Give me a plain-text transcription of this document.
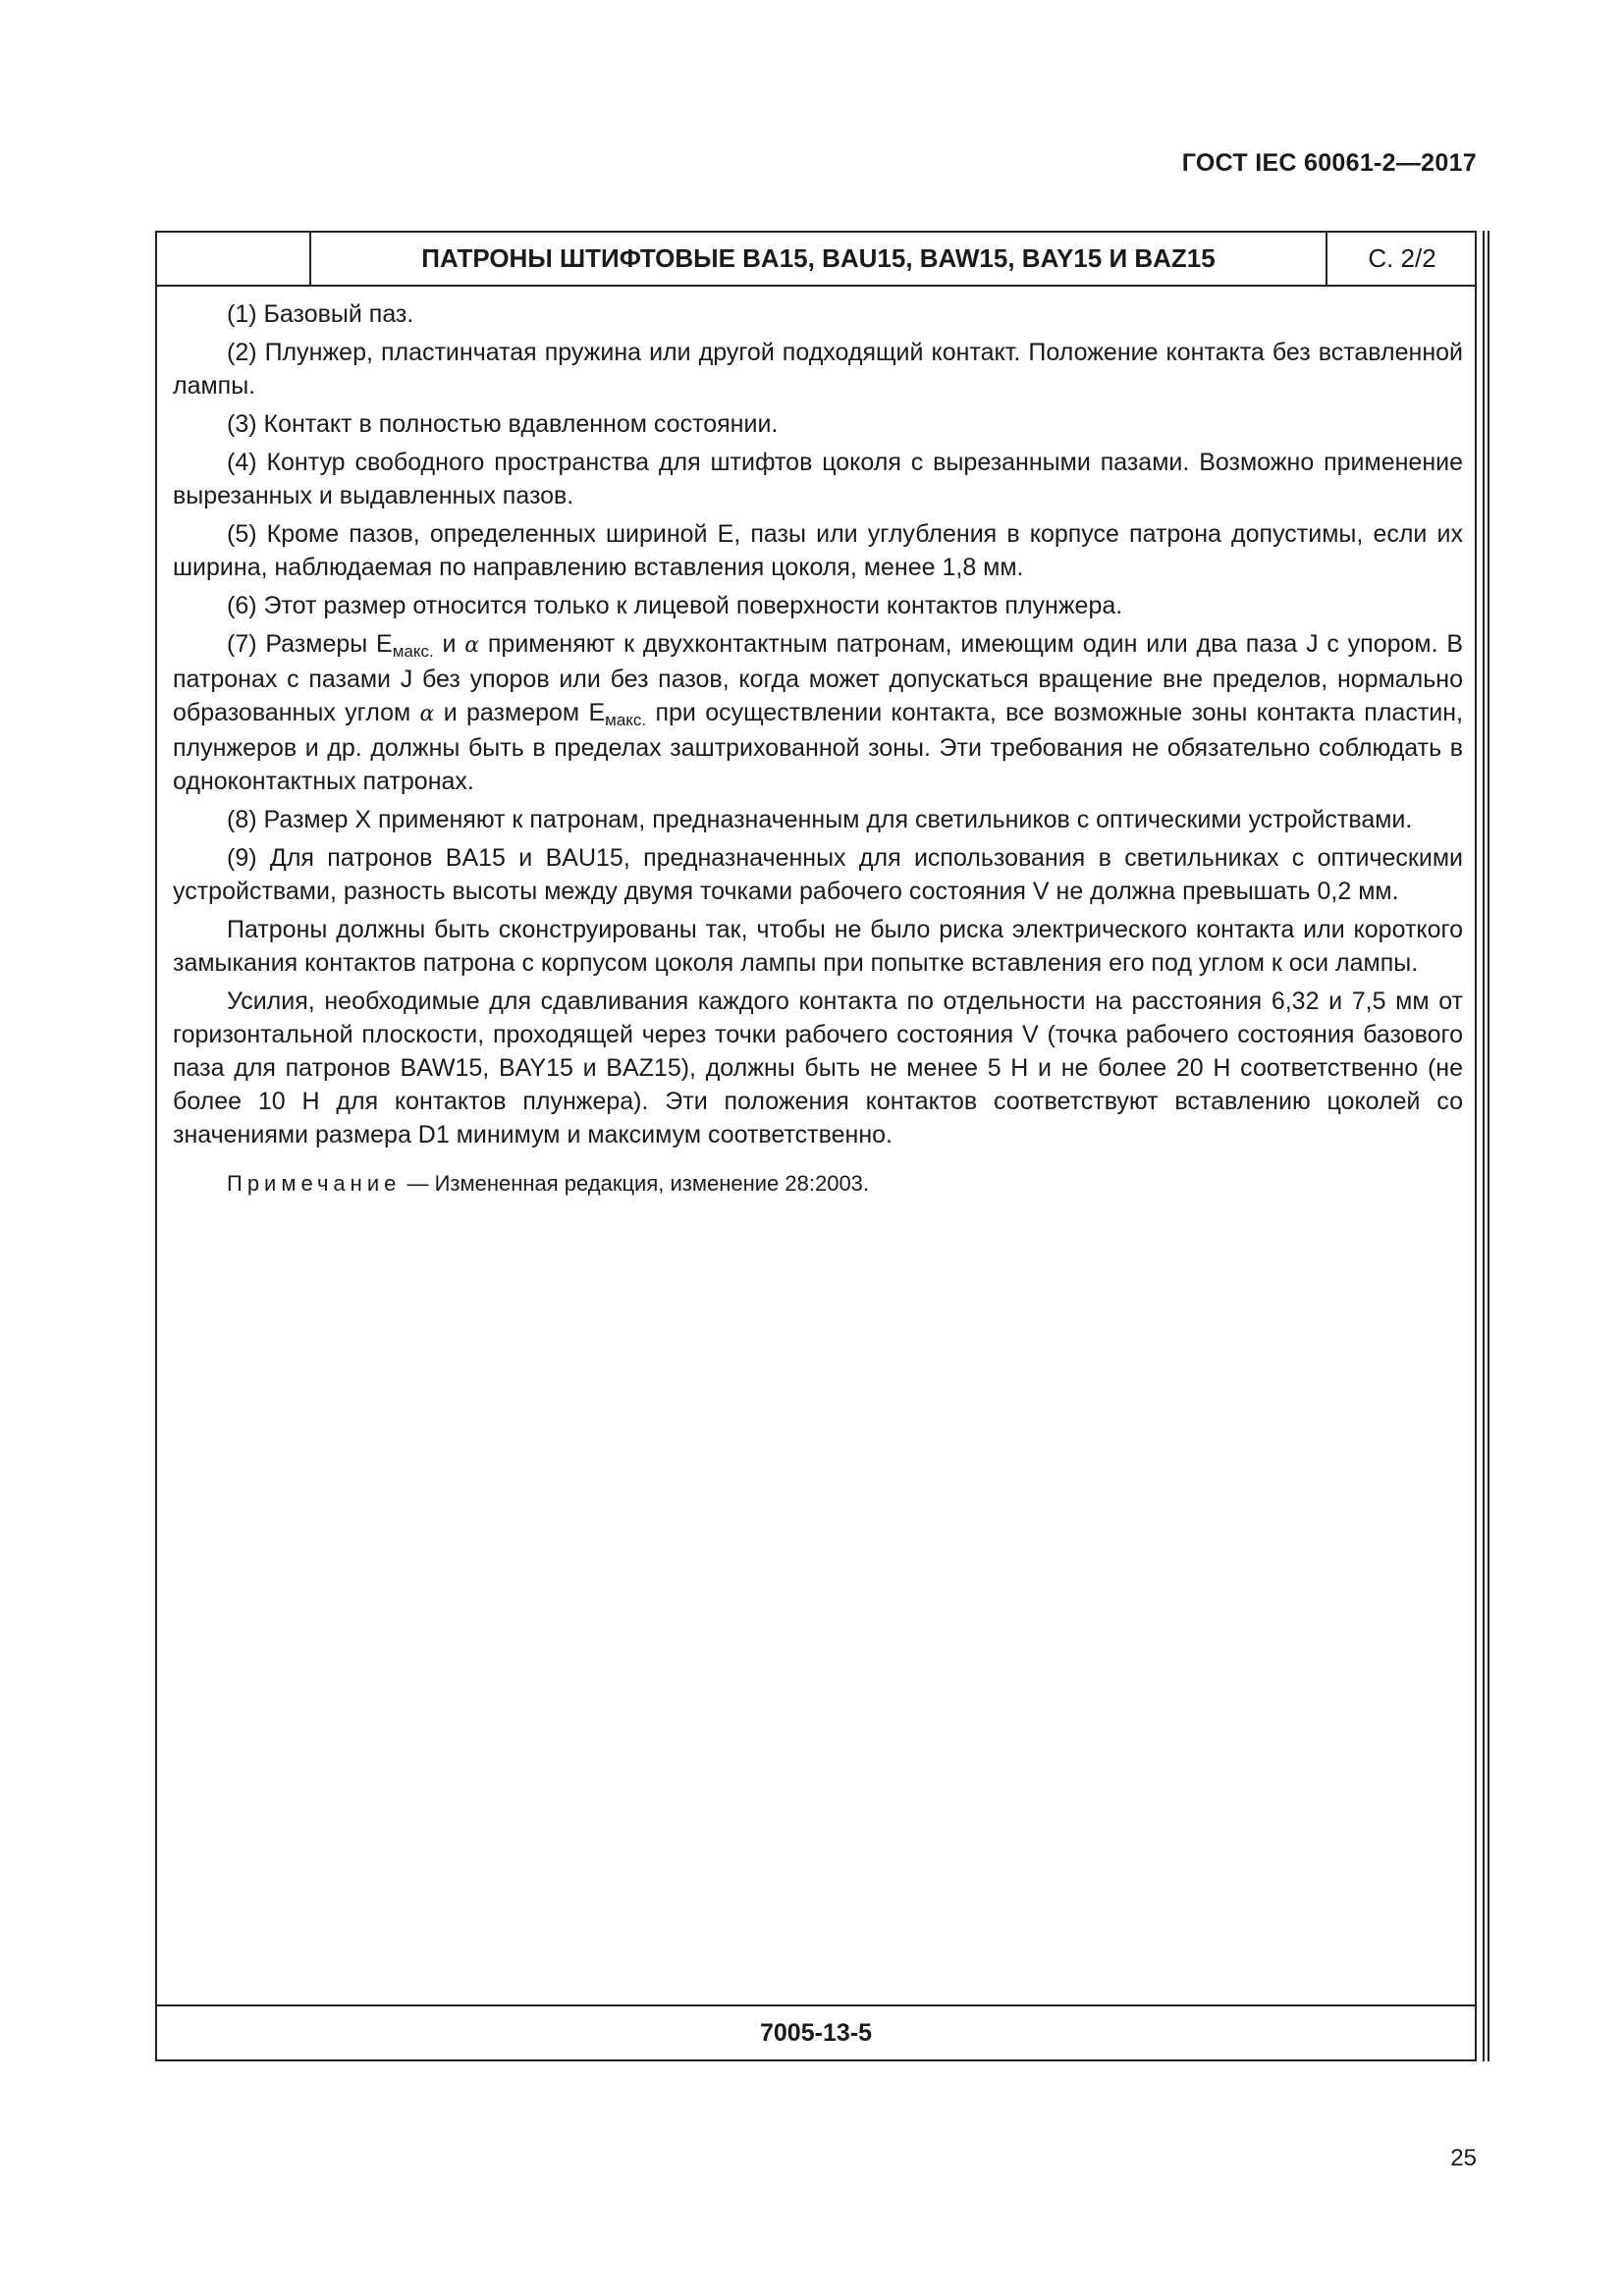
ГОСТ IEC 60061-2—2017
ПАТРОНЫ ШТИФТОВЫЕ BA15, BAU15, BAW15, BAY15 И BAZ15	С. 2/2

(1) Базовый паз.

(2) Плунжер, пластинчатая пружина или другой подходящий контакт. Положение контакта без вставленной лампы.

(3) Контакт в полностью вдавленном состоянии.

(4) Контур свободного пространства для штифтов цоколя с вырезанными пазами. Возможно применение вырезанных и выдавленных пазов.

(5) Кроме пазов, определенных шириной E, пазы или углубления в корпусе патрона допустимы, если их ширина, наблюдаемая по направлению вставления цоколя, менее 1,8 мм.

(6) Этот размер относится только к лицевой поверхности контактов плунжера.

(7) Размеры $E_{макс.}$ и α применяют к двухконтактным патронам, имеющим один или два паза J с упором. В патронах с пазами J без упоров или без пазов, когда может допускаться вращение вне пределов, нормально образованных углом α и размером $E_{макс.}$ при осуществлении контакта, все возможные зоны контакта пластин, плунжеров и др. должны быть в пределах заштрихованной зоны. Эти требования не обязательно соблюдать в одноконтактных патронах.

(8) Размер X применяют к патронам, предназначенным для светильников с оптическими устройствами.

(9) Для патронов BA15 и BAU15, предназначенных для использования в светильниках с оптическими устройствами, разность высоты между двумя точками рабочего состояния V не должна превышать 0,2 мм.

Патроны должны быть сконструированы так, чтобы не было риска электрического контакта или короткого замыкания контактов патрона с корпусом цоколя лампы при попытке вставления его под углом к оси лампы.

Усилия, необходимые для сдавливания каждого контакта по отдельности на расстояния 6,32 и 7,5 мм от горизонтальной плоскости, проходящей через точки рабочего состояния V (точка рабочего состояния базового паза для патронов BAW15, BAY15 и BAZ15), должны быть не менее 5 Н и не более 20 Н соответственно (не более 10 Н для контактов плунжера). Эти положения контактов соответствуют вставлению цоколей со значениями размера D1 минимум и максимум соответственно.

Примечание — Измененная редакция, изменение 28:2003.

7005-13-5
25
